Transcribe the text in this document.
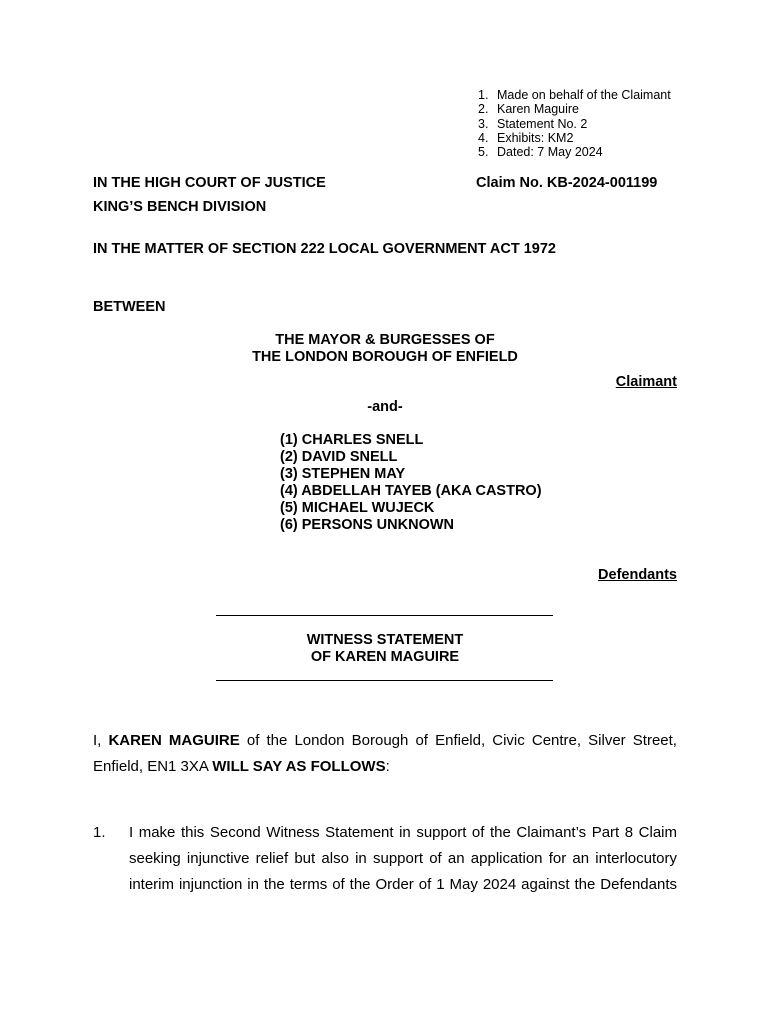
1. Made on behalf of the Claimant
2. Karen Maguire
3. Statement No. 2
4. Exhibits: KM2
5. Dated: 7 May 2024
IN THE HIGH COURT OF JUSTICE	Claim No. KB-2024-001199
KING’S BENCH DIVISION
IN THE MATTER OF SECTION 222 LOCAL GOVERNMENT ACT 1972
BETWEEN
THE MAYOR & BURGESSES OF
THE LONDON BOROUGH OF ENFIELD
Claimant
-and-
(1) CHARLES SNELL
(2) DAVID SNELL
(3) STEPHEN MAY
(4) ABDELLAH TAYEB (AKA CASTRO)
(5) MICHAEL WUJECK
(6) PERSONS UNKNOWN
Defendants
WITNESS STATEMENT
OF KAREN MAGUIRE
I, KAREN MAGUIRE of the London Borough of Enfield, Civic Centre, Silver Street, Enfield, EN1 3XA WILL SAY AS FOLLOWS:
1. I make this Second Witness Statement in support of the Claimant’s Part 8 Claim
seeking injunctive relief but also in support of an application for an interlocutory
interim injunction in the terms of the Order of 1 May 2024 against the Defendants
